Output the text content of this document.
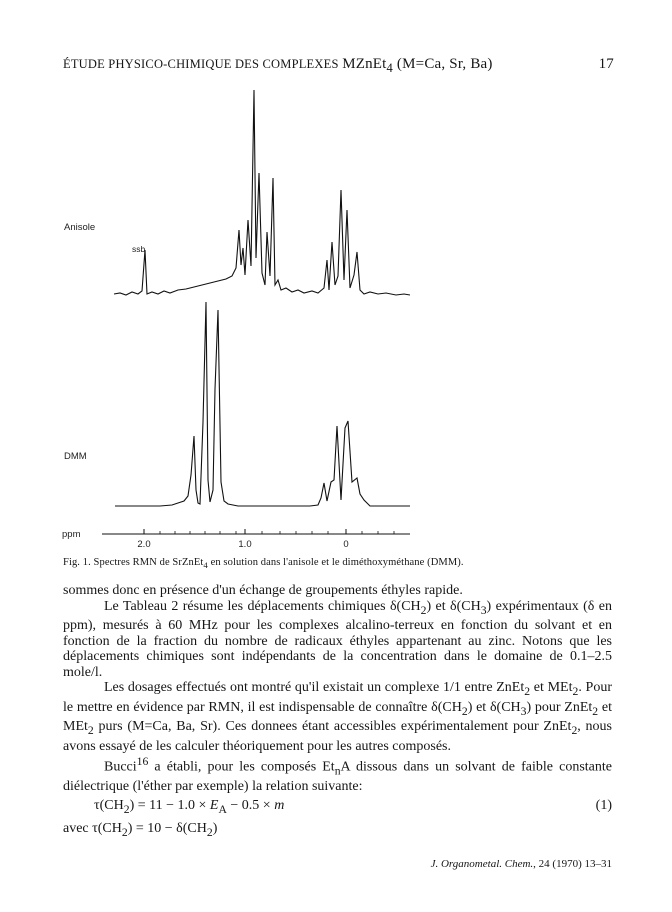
ÉTUDE PHYSICO-CHIMIQUE DES COMPLEXES MZnEt$_4$ (M=Ca, Sr, Ba)	17
2.0	1.0	0
Anisole
ssb
DMM
ppm
Fig. 1. Spectres RMN de SrZnEt$_4$ en solution dans l'anisole et le diméthoxyméthane (DMM).

sommes donc en présence d'un échange de groupements éthyles rapide.

Le Tableau 2 résume les déplacements chimiques $\delta(CH_2)$ et $\delta(CH_3)$ expérimentaux (δ en ppm), mesurés à 60 MHz pour les complexes alcalino-terreux en fonction du solvant et en fonction de la fraction du nombre de radicaux éthyles appartenant au zinc. Notons que les déplacements chimiques sont indépendants de la concentration dans le domaine de 0.1–2.5 mole/l.

Les dosages effectués ont montré qu'il existait un complexe 1/1 entre ZnEt$_2$ et MEt$_2$. Pour le mettre en évidence par RMN, il est indispensable de connaître $\delta(CH_2)$ et $\delta(CH_3)$ pour ZnEt$_2$ et MEt$_2$ purs (M=Ca, Ba, Sr). Ces donnees étant accessibles expérimentalement pour ZnEt$_2$, nous avons essayé de les calculer théoriquement pour les autres composés.

Bucci$^{16}$ a établi, pour les composés $Et_nA$ dissous dans un solvant de faible constante diélectrique (l'éther par exemple) la relation suivante:

$\tau(CH_2) = 11 - 1.0 \times E_A - 0.5 \times m$	(1)
avec $\tau(CH_2) = 10 - \delta(CH_2)$
J. Organometal. Chem., 24 (1970) 13–31
